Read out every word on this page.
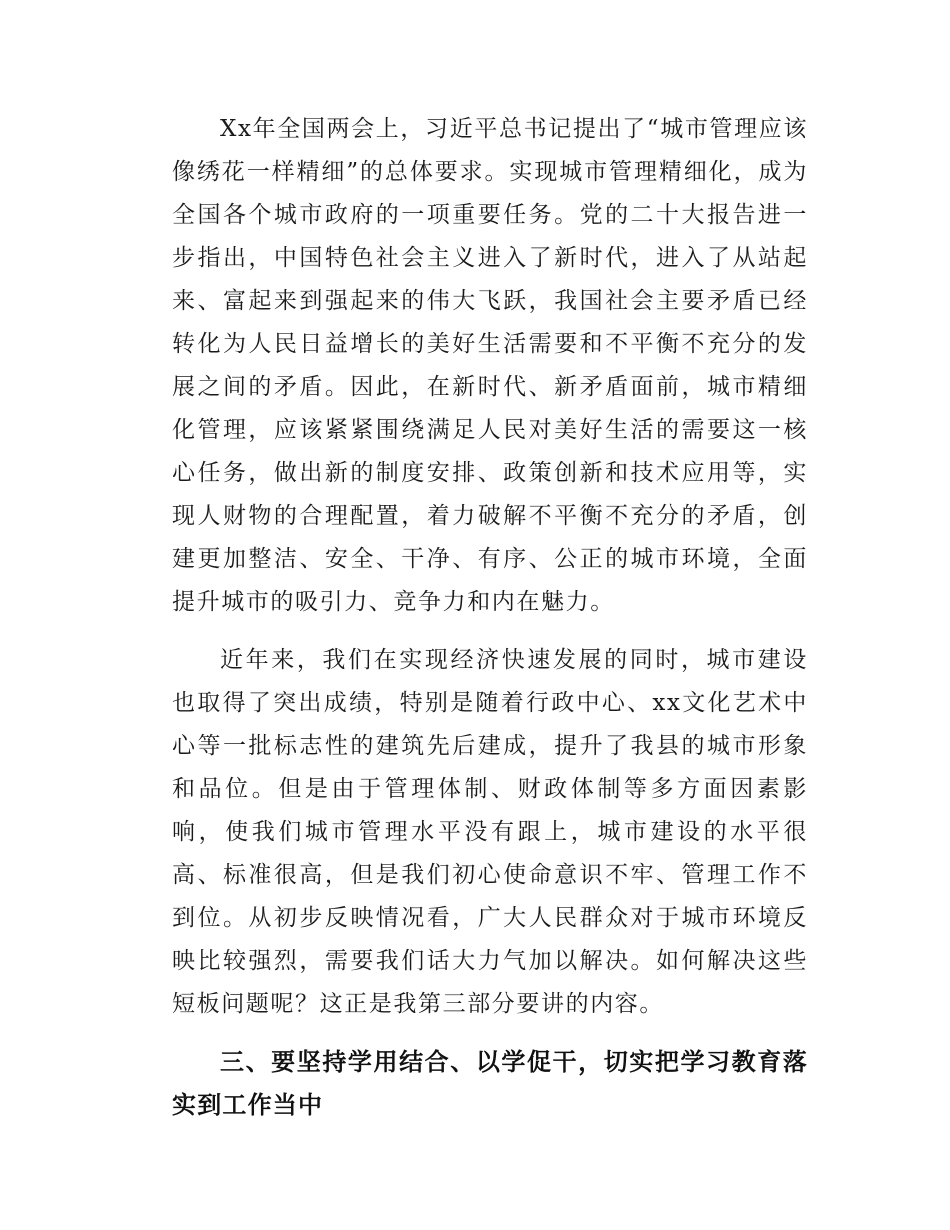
Xx年全国两会上，习近平总书记提出了“城市管理应该像绣花一样精细”的总体要求。实现城市管理精细化，成为全国各个城市政府的一项重要任务。党的二十大报告进一步指出，中国特色社会主义进入了新时代，进入了从站起来、富起来到强起来的伟大飞跃，我国社会主要矛盾已经转化为人民日益增长的美好生活需要和不平衡不充分的发展之间的矛盾。因此，在新时代、新矛盾面前，城市精细化管理，应该紧紧围绕满足人民对美好生活的需要这一核心任务，做出新的制度安排、政策创新和技术应用等，实现人财物的合理配置，着力破解不平衡不充分的矛盾，创建更加整洁、安全、干净、有序、公正的城市环境，全面提升城市的吸引力、竞争力和内在魅力。

近年来，我们在实现经济快速发展的同时，城市建设也取得了突出成绩，特别是随着行政中心、xx文化艺术中心等一批标志性的建筑先后建成，提升了我县的城市形象和品位。但是由于管理体制、财政体制等多方面因素影响，使我们城市管理水平没有跟上，城市建设的水平很高、标准很高，但是我们初心使命意识不牢、管理工作不到位。从初步反映情况看，广大人民群众对于城市环境反映比较强烈，需要我们话大力气加以解决。如何解决这些短板问题呢？这正是我第三部分要讲的内容。

三、要坚持学用结合、以学促干，切实把学习教育落实到工作当中
